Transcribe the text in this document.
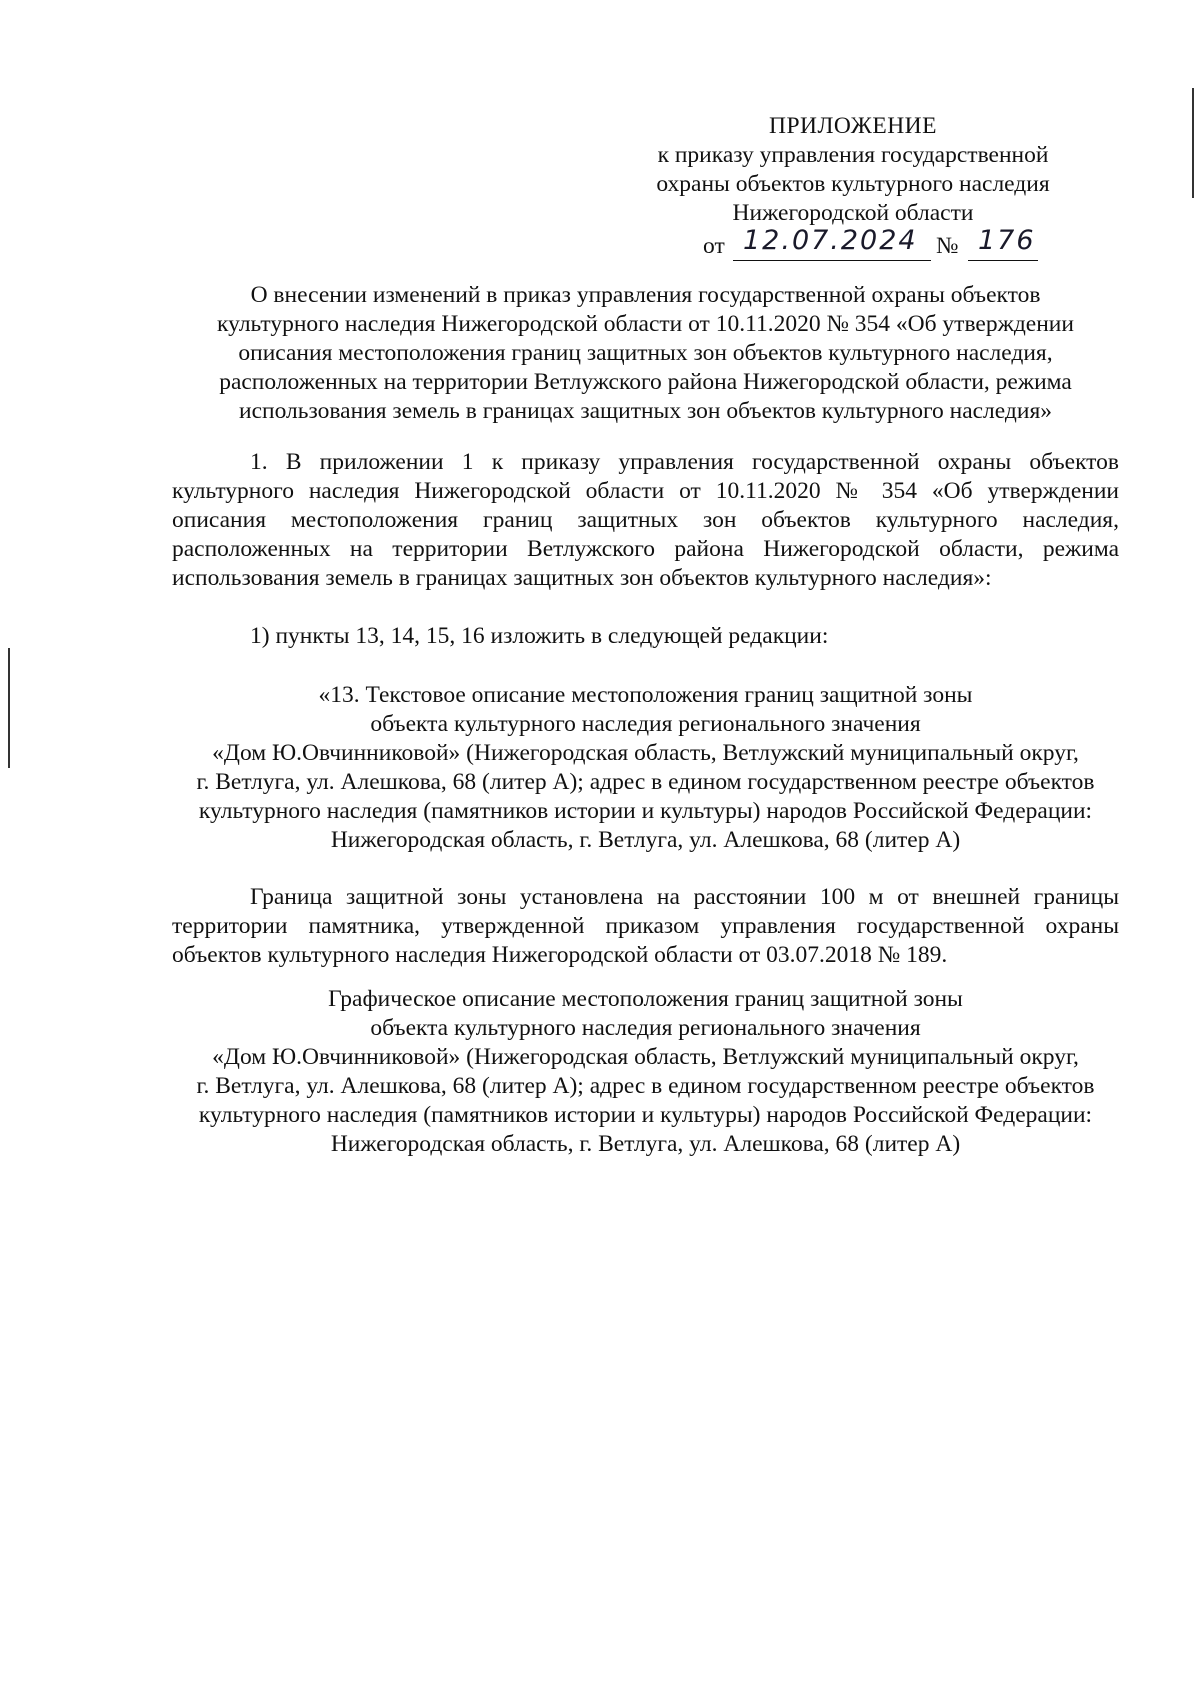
ПРИЛОЖЕНИЕ
к приказу управления государственной
охраны объектов культурного наследия
Нижегородской области
от 12.07.2024 № 176
О внесении изменений в приказ управления государственной охраны объектов
культурного наследия Нижегородской области от 10.11.2020 № 354 «Об утверждении
описания местоположения границ защитных зон объектов культурного наследия,
расположенных на территории Ветлужского района Нижегородской области, режима
использования земель в границах защитных зон объектов культурного наследия»
1. В приложении 1 к приказу управления государственной охраны объектов культурного наследия Нижегородской области от 10.11.2020 № 354 «Об утверждении описания местоположения границ защитных зон объектов культурного наследия, расположенных на территории Ветлужского района Нижегородской области, режима использования земель в границах защитных зон объектов культурного наследия»:
1) пункты 13, 14, 15, 16 изложить в следующей редакции:
«13. Текстовое описание местоположения границ защитной зоны
объекта культурного наследия регионального значения
«Дом Ю.Овчинниковой» (Нижегородская область, Ветлужский муниципальный округ,
г. Ветлуга, ул. Алешкова, 68 (литер А); адрес в едином государственном реестре объектов
культурного наследия (памятников истории и культуры) народов Российской Федерации:
Нижегородская область, г. Ветлуга, ул. Алешкова, 68 (литер А)
Граница защитной зоны установлена на расстоянии 100 м от внешней границы территории памятника, утвержденной приказом управления государственной охраны объектов культурного наследия Нижегородской области от 03.07.2018 № 189.
Графическое описание местоположения границ защитной зоны
объекта культурного наследия регионального значения
«Дом Ю.Овчинниковой» (Нижегородская область, Ветлужский муниципальный округ,
г. Ветлуга, ул. Алешкова, 68 (литер А); адрес в едином государственном реестре объектов
культурного наследия (памятников истории и культуры) народов Российской Федерации:
Нижегородская область, г. Ветлуга, ул. Алешкова, 68 (литер А)
